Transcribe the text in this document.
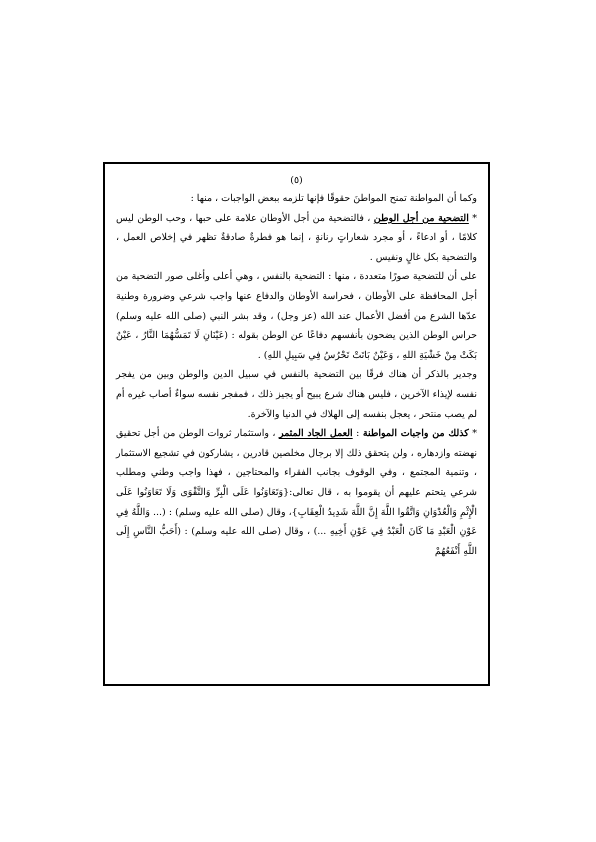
(٥)

وكما أن المواطنة تمنح المواطنَ حقوقًا فإنها تلزمه ببعض الواجبات ، منها :

* التضحية من أجل الوطن ، فالتضحية من أجل الأوطان علامة على حبها ، وحب الوطن ليس كلامًا ، أو ادعاءً ، أو مجرد شعاراتٍ رنانةٍ ، إنما هو فطرةٌ صادقةٌ تظهر في إخلاص العمل ، والتضحية بكل غالٍ ونفيس .

على أن للتضحية صورًا متعددة ، منها : التضحية بالنفس ، وهي أعلى وأغلى صور التضحية من أجل المحافظة على الأوطان ، فحراسة الأوطان والدفاع عنها واجب شرعي وضرورة وطنية عدّها الشرع من أفضل الأعمال عند الله (عز وجل) ، وقد بشر النبي (صلى الله عليه وسلم) حراس الوطن الذين يضحون بأنفسهم دفاعًا عن الوطن بقوله : (عَيْنَانِ لَا تَمَسُّهُمَا النَّارُ ، عَيْنٌ بَكَتْ مِنْ خَشْيَةِ اللهِ ، وَعَيْنٌ بَاتَتْ تَحْرُسُ فِي سَبِيلِ اللهِ) .

وجدير بالذكر أن هناك فرقًا بين التضحية بالنفس في سبيل الدين والوطن وبين من يفجر نفسه لإيذاء الآخرين ، فليس هناك شرع يبيح أو يجيز ذلك ، فمفجر نفسه سواءٌ أصاب غيره أم لم يصب منتحر ، يعجل بنفسه إلى الهلاك في الدنيا والآخرة.

* كذلك من واجبات المواطنة : العمل الجاد المثمر ، واستثمار ثروات الوطن من أجل تحقيق نهضته وازدهاره ، ولن يتحقق ذلك إلا برجال مخلصين قادرين ، يشاركون في تشجيع الاستثمار ، وتنمية المجتمع ، وفي الوقوف بجانب الفقراء والمحتاجين ، فهذا واجب وطني ومطلب شرعي يتحتم عليهم أن يقوموا به ، قال تعالى:{وَتَعَاوَنُوا عَلَى الْبِرِّ وَالتَّقْوَى وَلَا تَعَاوَنُوا عَلَى الْإِثْمِ وَالْعُدْوَانِ وَاتَّقُوا اللَّهَ إِنَّ اللَّهَ شَدِيدُ الْعِقَابِ}، وقال (صلى الله عليه وسلم) : (... وَاللَّهُ فِي عَوْنِ الْعَبْدِ مَا كَانَ الْعَبْدُ فِي عَوْنِ أَخِيهِ ...) ، وقال (صلى الله عليه وسلم) : (أَحَبُّ النَّاسِ إِلَى اللَّهِ أَنْفَعُهُمْ
